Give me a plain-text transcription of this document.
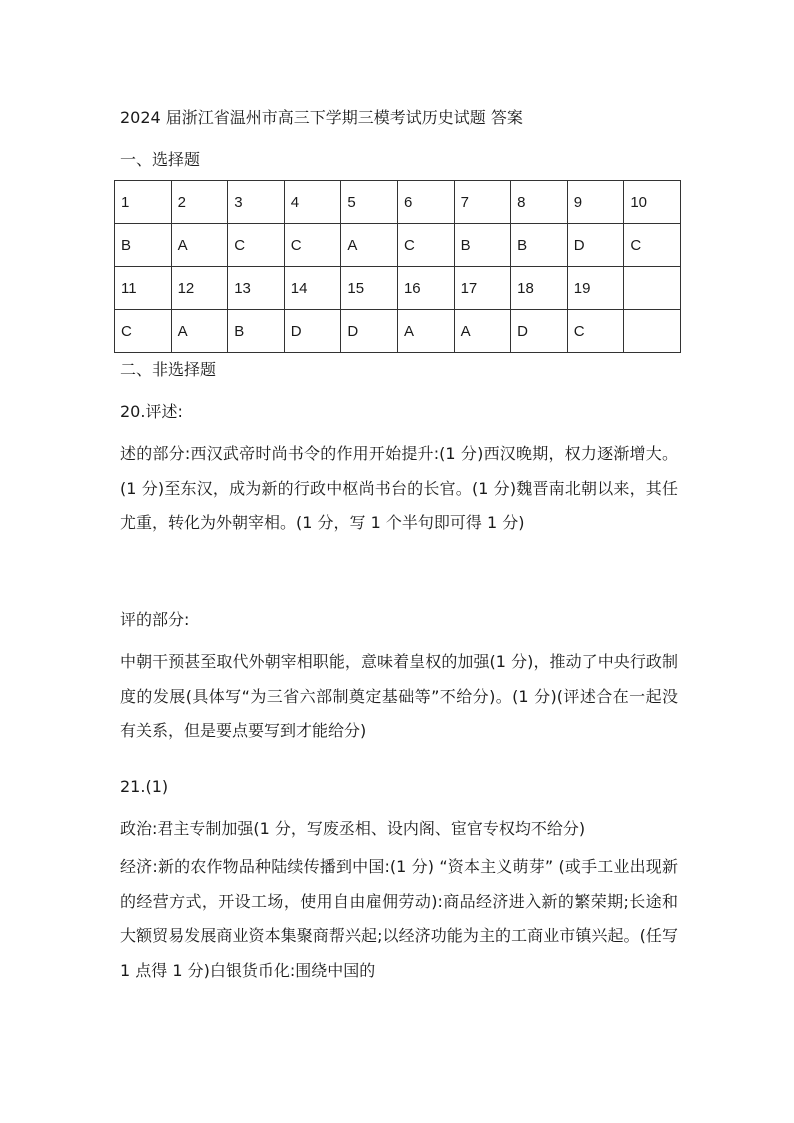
2024 届浙江省温州市高三下学期三模考试历史试题 答案
一、选择题
1	2	3	4	5	6	7	8	9	10
B	A	C	C	A	C	B	B	D	C
11	12	13	14	15	16	17	18	19	
C	A	B	D	D	A	A	D	C	
二、非选择题
20.评述:

述的部分:西汉武帝时尚书令的作用开始提升:(1 分)西汉晚期，权力逐渐增大。(1 分)至东汉，成为新的行政中枢尚书台的长官。(1 分)魏晋南北朝以来，其任尤重，转化为外朝宰相。(1 分，写 1 个半句即可得 1 分)

评的部分:

中朝干预甚至取代外朝宰相职能，意味着皇权的加强(1 分)，推动了中央行政制度的发展(具体写“为三省六部制奠定基础等”不给分)。(1 分)(评述合在一起没有关系，但是要点要写到才能给分)

21.(1)

政治:君主专制加强(1 分，写废丞相、设内阁、宦官专权均不给分)

经济:新的农作物品种陆续传播到中国:(1 分) “资本主义萌芽” (或手工业出现新的经营方式，开设工场，使用自由雇佣劳动):商品经济进入新的繁荣期;长途和大额贸易发展商业资本集聚商帮兴起;以经济功能为主的工商业市镇兴起。(任写 1 点得 1 分)白银货币化:围绕中国的
